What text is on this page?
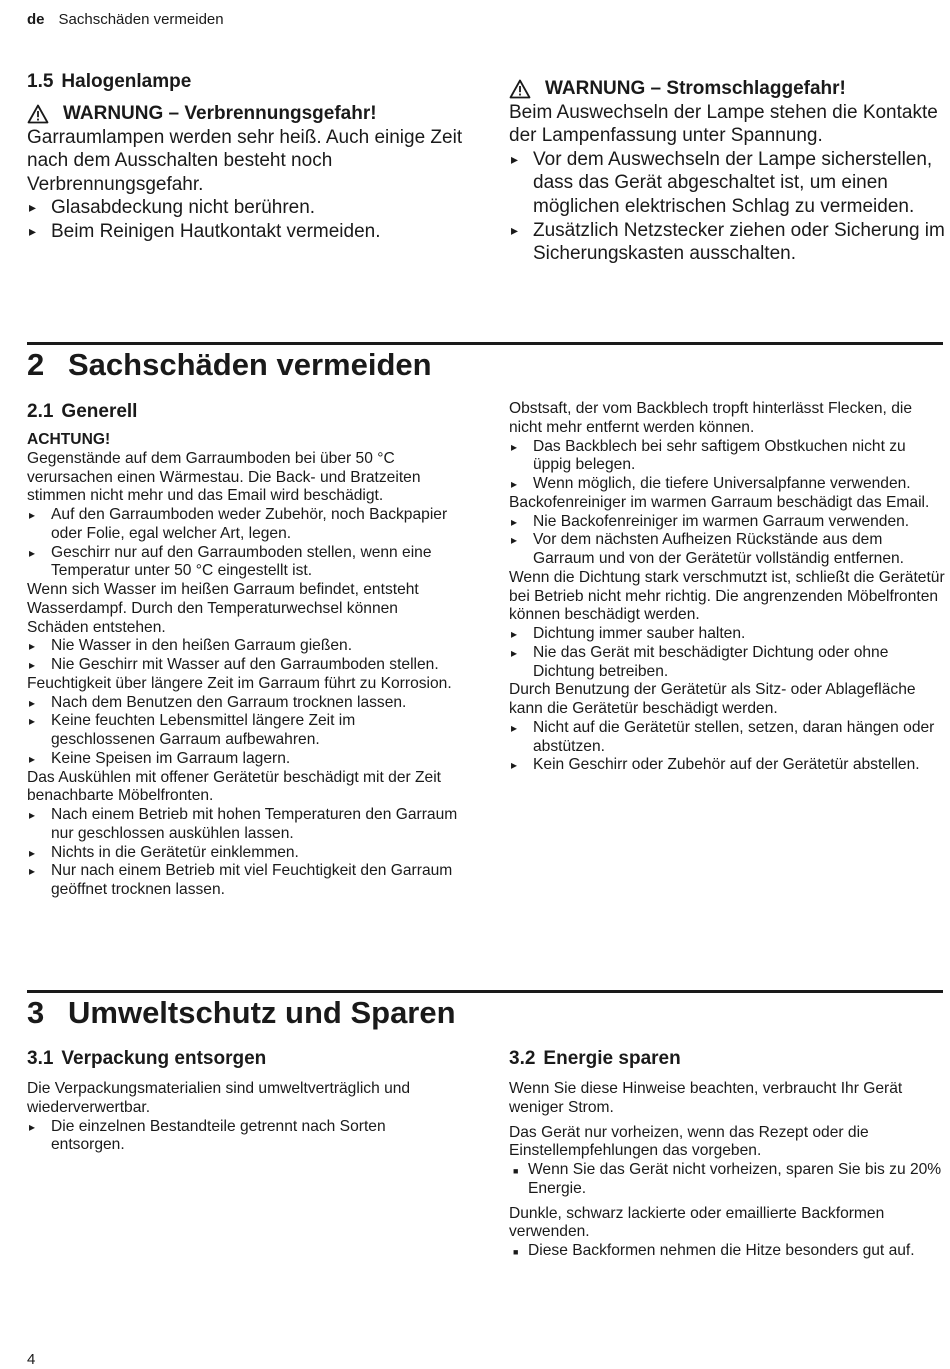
de Sachschäden vermeiden
1.5 Halogenlampe
WARNUNG – Verbrennungsgefahr!

Garraumlampen werden sehr heiß. Auch einige Zeit nach dem Ausschalten besteht noch Verbrennungsgefahr.

▸ Glasabdeckung nicht berühren.
▸ Beim Reinigen Hautkontakt vermeiden.
WARNUNG – Stromschlaggefahr!

Beim Auswechseln der Lampe stehen die Kontakte der Lampenfassung unter Spannung.

▸ Vor dem Auswechseln der Lampe sicherstellen, dass das Gerät abgeschaltet ist, um einen möglichen elektrischen Schlag zu vermeiden.
▸ Zusätzlich Netzstecker ziehen oder Sicherung im Sicherungskasten ausschalten.
2 Sachschäden vermeiden
2.1 Generell

ACHTUNG!

Gegenstände auf dem Garraumboden bei über 50 °C verursachen einen Wärmestau. Die Back- und Bratzeiten stimmen nicht mehr und das Email wird beschädigt.

▸ Auf den Garraumboden weder Zubehör, noch Backpapier oder Folie, egal welcher Art, legen.
▸ Geschirr nur auf den Garraumboden stellen, wenn eine Temperatur unter 50 °C eingestellt ist.

Wenn sich Wasser im heißen Garraum befindet, entsteht Wasserdampf. Durch den Temperaturwechsel können Schäden entstehen.

▸ Nie Wasser in den heißen Garraum gießen.
▸ Nie Geschirr mit Wasser auf den Garraumboden stellen.

Feuchtigkeit über längere Zeit im Garraum führt zu Korrosion.

▸ Nach dem Benutzen den Garraum trocknen lassen.
▸ Keine feuchten Lebensmittel längere Zeit im geschlossenen Garraum aufbewahren.
▸ Keine Speisen im Garraum lagern.

Das Auskühlen mit offener Gerätetür beschädigt mit der Zeit benachbarte Möbelfronten.

▸ Nach einem Betrieb mit hohen Temperaturen den Garraum nur geschlossen auskühlen lassen.
▸ Nichts in die Gerätetür einklemmen.
▸ Nur nach einem Betrieb mit viel Feuchtigkeit den Garraum geöffnet trocknen lassen.

Obstsaft, der vom Backblech tropft hinterlässt Flecken, die nicht mehr entfernt werden können.

▸ Das Backblech bei sehr saftigem Obstkuchen nicht zu üppig belegen.
▸ Wenn möglich, die tiefere Universalpfanne verwenden.

Backofenreiniger im warmen Garraum beschädigt das Email.

▸ Nie Backofenreiniger im warmen Garraum verwenden.
▸ Vor dem nächsten Aufheizen Rückstände aus dem Garraum und von der Gerätetür vollständig entfernen.

Wenn die Dichtung stark verschmutzt ist, schließt die Gerätetür bei Betrieb nicht mehr richtig. Die angrenzenden Möbelfronten können beschädigt werden.

▸ Dichtung immer sauber halten.
▸ Nie das Gerät mit beschädigter Dichtung oder ohne Dichtung betreiben.

Durch Benutzung der Gerätetür als Sitz- oder Ablagefläche kann die Gerätetür beschädigt werden.

▸ Nicht auf die Gerätetür stellen, setzen, daran hängen oder abstützen.
▸ Kein Geschirr oder Zubehör auf der Gerätetür abstellen.
3 Umweltschutz und Sparen
3.1 Verpackung entsorgen

Die Verpackungsmaterialien sind umweltverträglich und wiederverwertbar.

▸ Die einzelnen Bestandteile getrennt nach Sorten entsorgen.
3.2 Energie sparen

Wenn Sie diese Hinweise beachten, verbraucht Ihr Gerät weniger Strom.

Das Gerät nur vorheizen, wenn das Rezept oder die Einstellempfehlungen das vorgeben.

■ Wenn Sie das Gerät nicht vorheizen, sparen Sie bis zu 20% Energie.

Dunkle, schwarz lackierte oder emaillierte Backformen verwenden.

■ Diese Backformen nehmen die Hitze besonders gut auf.
4
